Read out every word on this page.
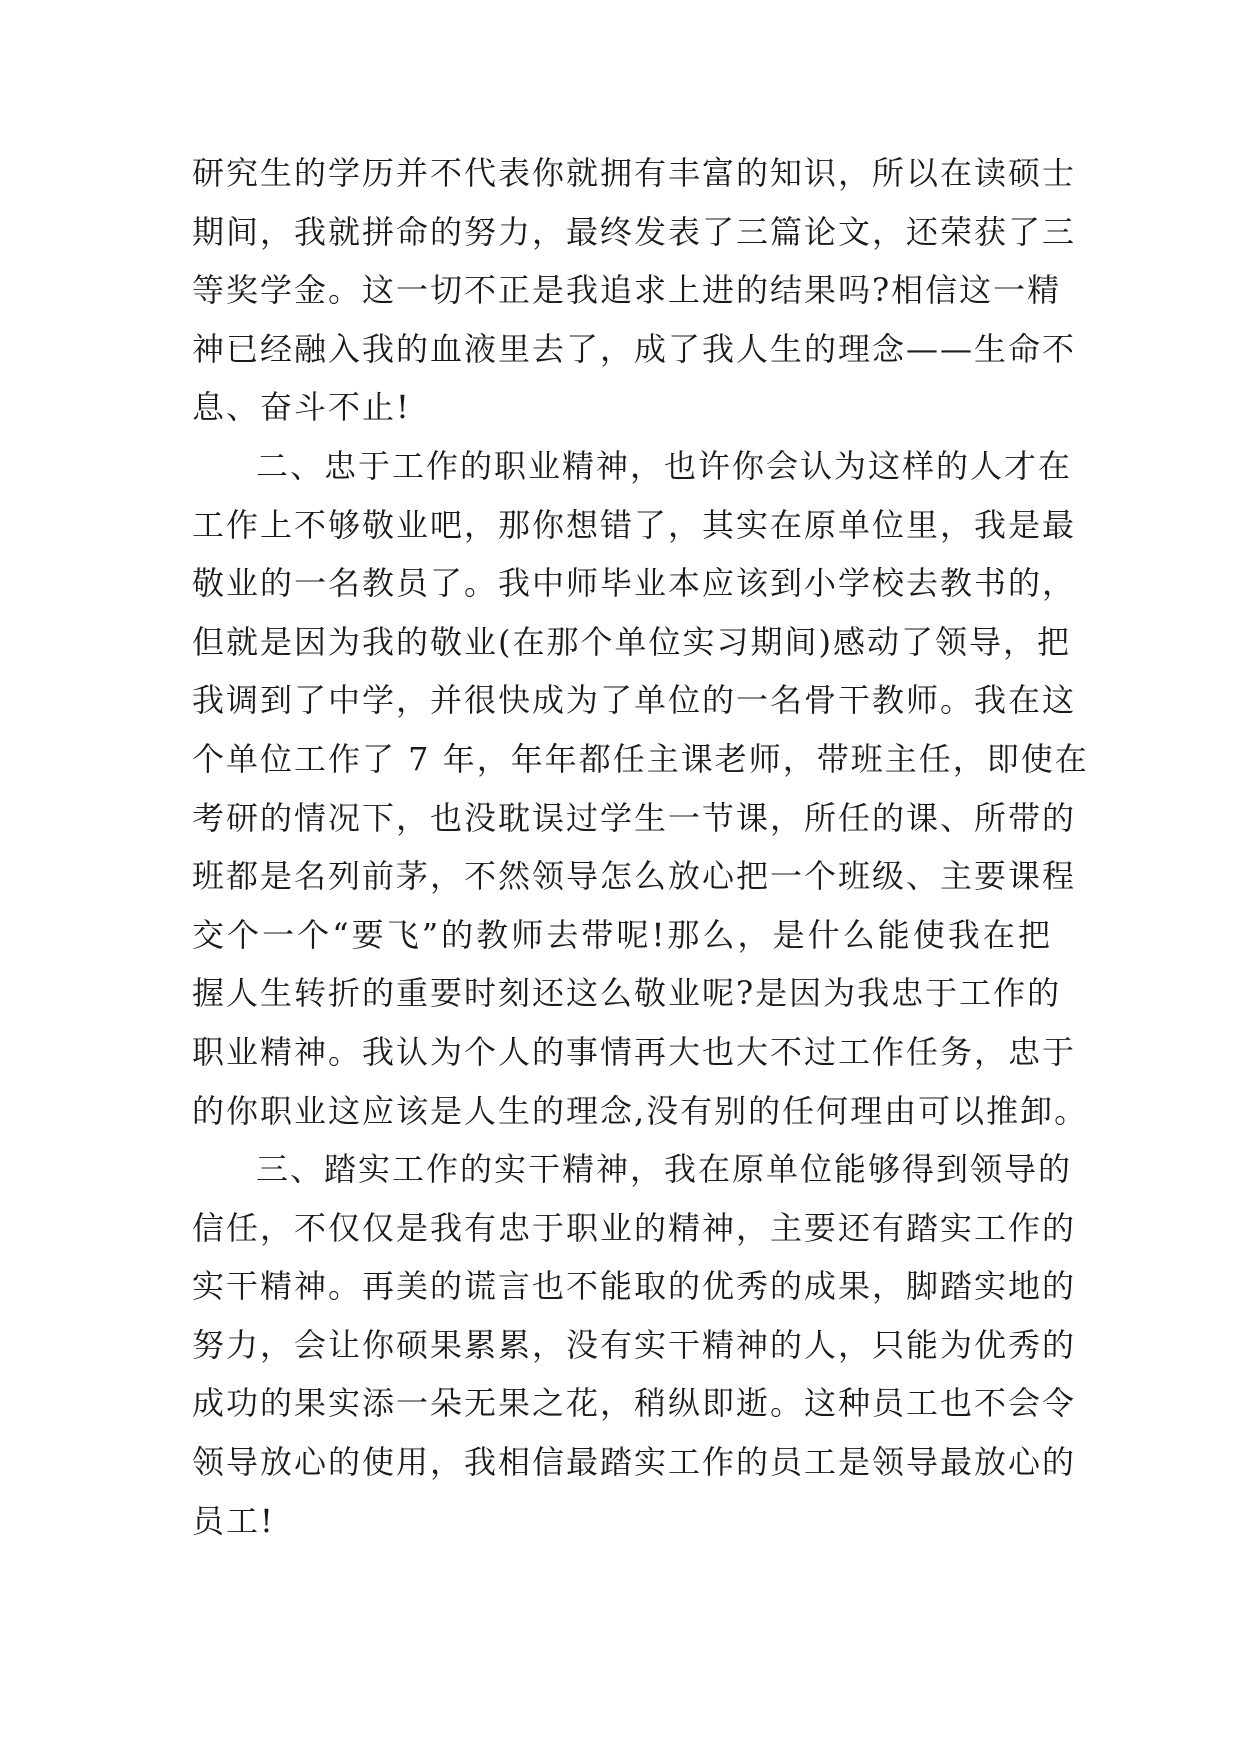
研究生的学历并不代表你就拥有丰富的知识，所以在读硕士
期间，我就拼命的努力，最终发表了三篇论文，还荣获了三
等奖学金。这一切不正是我追求上进的结果吗?相信这一精
神已经融入我的血液里去了，成了我人生的理念——生命不
息、奋斗不止!
二、忠于工作的职业精神，也许你会认为这样的人才在
工作上不够敬业吧，那你想错了，其实在原单位里，我是最
敬业的一名教员了。我中师毕业本应该到小学校去教书的，
但就是因为我的敬业(在那个单位实习期间)感动了领导，把
我调到了中学，并很快成为了单位的一名骨干教师。我在这
个单位工作了 7 年，年年都任主课老师，带班主任，即使在
考研的情况下，也没耽误过学生一节课，所任的课、所带的
班都是名列前茅，不然领导怎么放心把一个班级、主要课程
交个一个“要飞”的教师去带呢!那么，是什么能使我在把
握人生转折的重要时刻还这么敬业呢?是因为我忠于工作的
职业精神。我认为个人的事情再大也大不过工作任务，忠于
的你职业这应该是人生的理念,没有别的任何理由可以推卸。
三、踏实工作的实干精神，我在原单位能够得到领导的
信任，不仅仅是我有忠于职业的精神，主要还有踏实工作的
实干精神。再美的谎言也不能取的优秀的成果，脚踏实地的
努力，会让你硕果累累，没有实干精神的人，只能为优秀的
成功的果实添一朵无果之花，稍纵即逝。这种员工也不会令
领导放心的使用，我相信最踏实工作的员工是领导最放心的
员工!
